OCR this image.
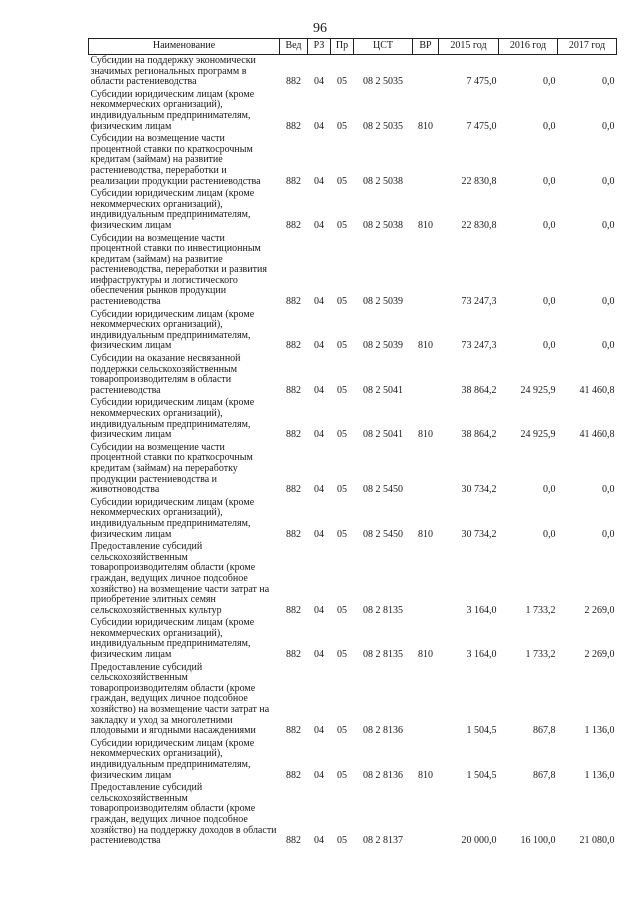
96
Наименование	Вед	РЗ	Пр	ЦСТ	ВР	2015 год	2016 год	2017 год
Субсидии на поддержку экономически значимых региональных программ в области растениеводства	882	04	05	08 2 5035		7 475,0	0,0	0,0
Субсидии юридическим лицам (кроме некоммерческих организаций), индивидуальным предпринимателям, физическим лицам	882	04	05	08 2 5035	810	7 475,0	0,0	0,0
Субсидии на возмещение части процентной ставки по краткосрочным кредитам (займам) на развитие растениеводства, переработки и реализации продукции растениеводства	882	04	05	08 2 5038		22 830,8	0,0	0,0
Субсидии юридическим лицам (кроме некоммерческих организаций), индивидуальным предпринимателям, физическим лицам	882	04	05	08 2 5038	810	22 830,8	0,0	0,0
Субсидии на возмещение части процентной ставки по инвестиционным кредитам (займам) на развитие растениеводства, переработки и развития инфраструктуры и логистического обеспечения рынков продукции растениеводства	882	04	05	08 2 5039		73 247,3	0,0	0,0
Субсидии юридическим лицам (кроме некоммерческих организаций), индивидуальным предпринимателям, физическим лицам	882	04	05	08 2 5039	810	73 247,3	0,0	0,0
Субсидии на оказание несвязанной поддержки сельскохозяйственным товаропроизводителям в области растениеводства	882	04	05	08 2 5041		38 864,2	24 925,9	41 460,8
Субсидии юридическим лицам (кроме некоммерческих организаций), индивидуальным предпринимателям, физическим лицам	882	04	05	08 2 5041	810	38 864,2	24 925,9	41 460,8
Субсидии на возмещение части процентной ставки по краткосрочным кредитам (займам) на переработку продукции растениеводства и животноводства	882	04	05	08 2 5450		30 734,2	0,0	0,0
Субсидии юридическим лицам (кроме некоммерческих организаций), индивидуальным предпринимателям, физическим лицам	882	04	05	08 2 5450	810	30 734,2	0,0	0,0
Предоставление субсидий сельскохозяйственным товаропроизводителям области (кроме граждан, ведущих личное подсобное хозяйство) на возмещение части затрат на приобретение элитных семян сельскохозяйственных культур	882	04	05	08 2 8135		3 164,0	1 733,2	2 269,0
Субсидии юридическим лицам (кроме некоммерческих организаций), индивидуальным предпринимателям, физическим лицам	882	04	05	08 2 8135	810	3 164,0	1 733,2	2 269,0
Предоставление субсидий сельскохозяйственным товаропроизводителям области (кроме граждан, ведущих личное подсобное хозяйство) на возмещение части затрат на закладку и уход за многолетними плодовыми и ягодными насаждениями	882	04	05	08 2 8136		1 504,5	867,8	1 136,0
Субсидии юридическим лицам (кроме некоммерческих организаций), индивидуальным предпринимателям, физическим лицам	882	04	05	08 2 8136	810	1 504,5	867,8	1 136,0
Предоставление субсидий сельскохозяйственным товаропроизводителям области (кроме граждан, ведущих личное подсобное хозяйство) на поддержку доходов в области растениеводства	882	04	05	08 2 8137		20 000,0	16 100,0	21 080,0
